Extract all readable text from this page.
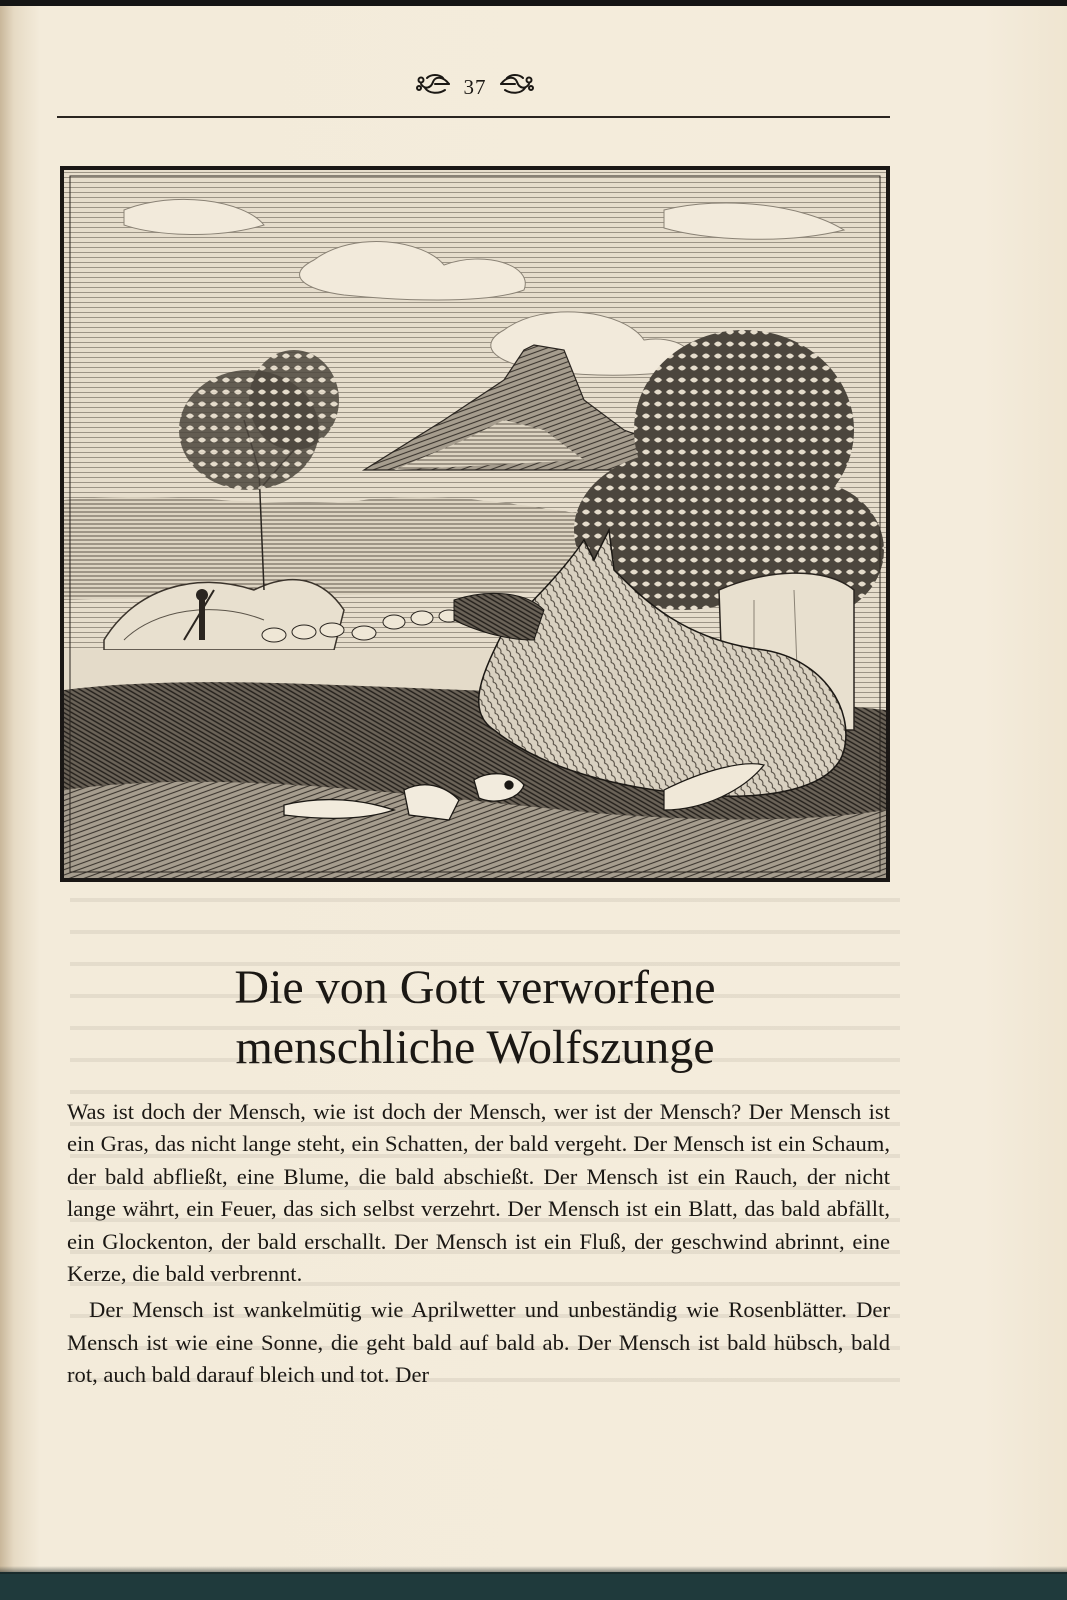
37
Die von Gott verworfene
menschliche Wolfszunge

Was ist doch der Mensch, wie ist doch der Mensch, wer ist der Mensch? Der Mensch ist ein Gras, das nicht lange steht, ein Schatten, der bald vergeht. Der Mensch ist ein Schaum, der bald abfließt, eine Blume, die bald abschießt. Der Mensch ist ein Rauch, der nicht lange währt, ein Feuer, das sich selbst verzehrt. Der Mensch ist ein Blatt, das bald abfällt, ein Glockenton, der bald erschallt. Der Mensch ist ein Fluß, der geschwind abrinnt, eine Kerze, die bald verbrennt.

Der Mensch ist wankelmütig wie Aprilwetter und unbeständig wie Rosenblätter. Der Mensch ist wie eine Sonne, die geht bald auf bald ab. Der Mensch ist bald hübsch, bald rot, auch bald darauf bleich und tot. Der
